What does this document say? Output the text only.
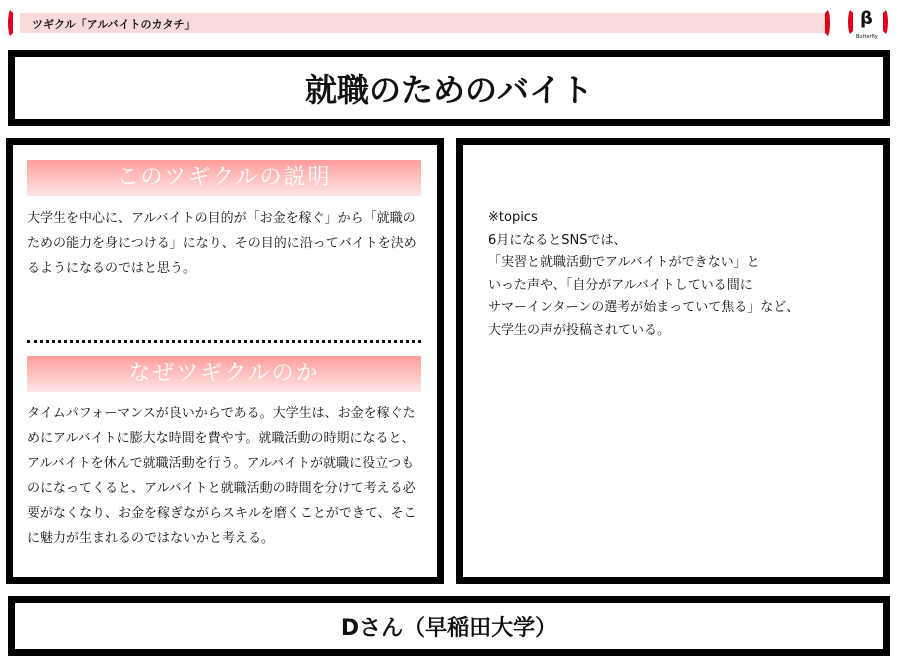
ツギクル「アルバイトのカタチ」	β
Butterfly
就職のためのバイト
このツギクルの説明
大学生を中心に、アルバイトの目的が「お金を稼ぐ」から「就職のための能力を身につける」になり、その目的に沿ってバイトを決めるようになるのではと思う。
なぜツギクルのか
タイムパフォーマンスが良いからである。大学生は、お金を稼ぐためにアルバイトに膨大な時間を費やす。就職活動の時期になると、アルバイトを休んで就職活動を行う。アルバイトが就職に役立つものになってくると、アルバイトと就職活動の時間を分けて考える必要がなくなり、お金を稼ぎながらスキルを磨くことができて、そこに魅力が生まれるのではないかと考える。
※topics
6月になるとSNSでは、
「実習と就職活動でアルバイトができない」と
いった声や、「自分がアルバイトしている間に
サマーインターンの選考が始まっていて焦る」など、
大学生の声が投稿されている。
Dさん（早稲田大学）
